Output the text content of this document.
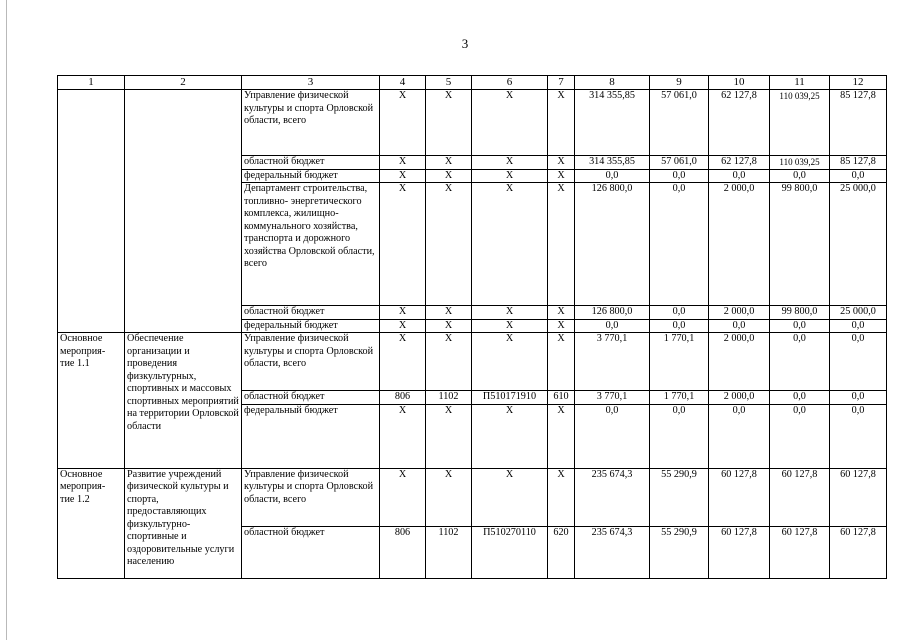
3
1	2	3	4	5	6	7	8	9	10	11	12
		Управление физической культуры и спорта Орловской области, всего	Х	Х	Х	Х	314 355,85	57 061,0	62 127,8	110 039,25	85 127,8
		областной бюджет	Х	Х	Х	Х	314 355,85	57 061,0	62 127,8	110 039,25	85 127,8
		федеральный бюджет	Х	Х	Х	Х	0,0	0,0	0,0	0,0	0,0
		Департамент строительства, топливно- энергетического комплекса, жилищно-коммунального хозяйства, транспорта и дорожного хозяйства Орловской области, всего	Х	Х	Х	Х	126 800,0	0,0	2 000,0	99 800,0	25 000,0
		областной бюджет	Х	Х	Х	Х	126 800,0	0,0	2 000,0	99 800,0	25 000,0
		федеральный бюджет	Х	Х	Х	Х	0,0	0,0	0,0	0,0	0,0
Основное мероприя- тие 1.1	Обеспечение организации и проведения физкультурных, спортивных и массовых спортивных мероприятий на территории Орловской области	Управление физической культуры и спорта Орловской области, всего	Х	Х	Х	Х	3 770,1	1 770,1	2 000,0	0,0	0,0
		областной бюджет	806	1102	П510171910	610	3 770,1	1 770,1	2 000,0	0,0	0,0
		федеральный бюджет	Х	Х	Х	Х	0,0	0,0	0,0	0,0	0,0
Основное мероприя- тие 1.2	Развитие учреждений физической культуры и спорта, предоставляющих физкультурно- спортивные и оздоровительные услуги населению	Управление физической культуры и спорта Орловской области, всего	Х	Х	Х	Х	235 674,3	55 290,9	60 127,8	60 127,8	60 127,8
		областной бюджет	806	1102	П510270110	620	235 674,3	55 290,9	60 127,8	60 127,8	60 127,8
